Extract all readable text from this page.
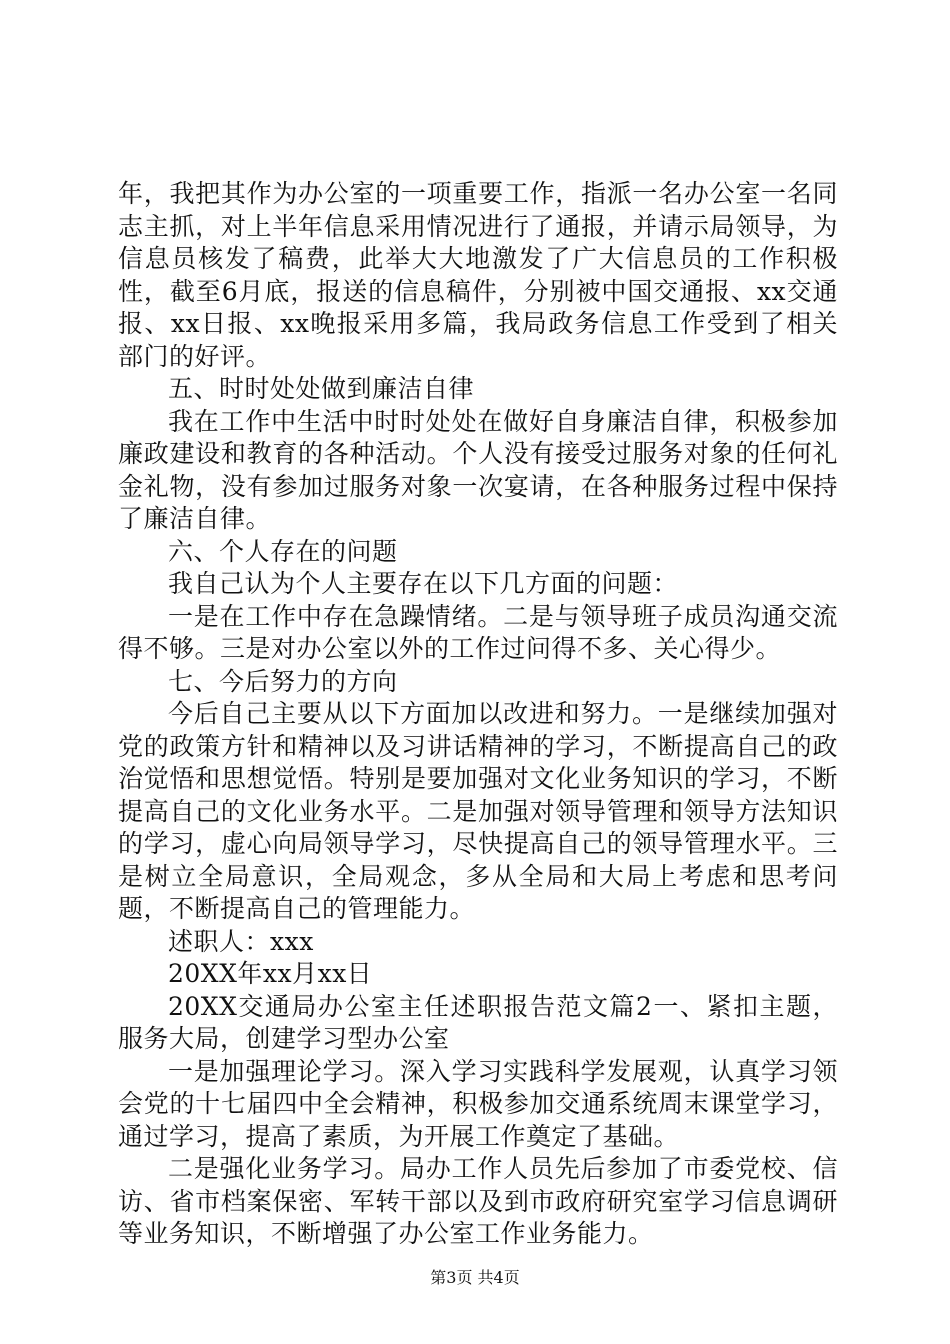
年，我把其作为办公室的一项重要工作，指派一名办公室一名同志主抓，对上半年信息采用情况进行了通报，并请示局领导，为信息员核发了稿费，此举大大地激发了广大信息员的工作积极性，截至6月底，报送的信息稿件，分别被中国交通报、xx交通报、xx日报、xx晚报采用多篇，我局政务信息工作受到了相关部门的好评。

五、时时处处做到廉洁自律

我在工作中生活中时时处处在做好自身廉洁自律，积极参加廉政建设和教育的各种活动。个人没有接受过服务对象的任何礼金礼物，没有参加过服务对象一次宴请，在各种服务过程中保持了廉洁自律。

六、个人存在的问题

我自己认为个人主要存在以下几方面的问题：

一是在工作中存在急躁情绪。二是与领导班子成员沟通交流得不够。三是对办公室以外的工作过问得不多、关心得少。

七、今后努力的方向

今后自己主要从以下方面加以改进和努力。一是继续加强对党的政策方针和精神以及习讲话精神的学习，不断提高自己的政治觉悟和思想觉悟。特别是要加强对文化业务知识的学习，不断提高自己的文化业务水平。二是加强对领导管理和领导方法知识的学习，虚心向局领导学习，尽快提高自己的领导管理水平。三是树立全局意识，全局观念，多从全局和大局上考虑和思考问题，不断提高自己的管理能力。

述职人：xxx

20XX年xx月xx日

20XX交通局办公室主任述职报告范文篇2一、紧扣主题，服务大局，创建学习型办公室

一是加强理论学习。深入学习实践科学发展观，认真学习领会党的十七届四中全会精神，积极参加交通系统周末课堂学习，通过学习，提高了素质，为开展工作奠定了基础。

二是强化业务学习。局办工作人员先后参加了市委党校、信访、省市档案保密、军转干部以及到市政府研究室学习信息调研等业务知识，不断增强了办公室工作业务能力。

第3页 共4页
